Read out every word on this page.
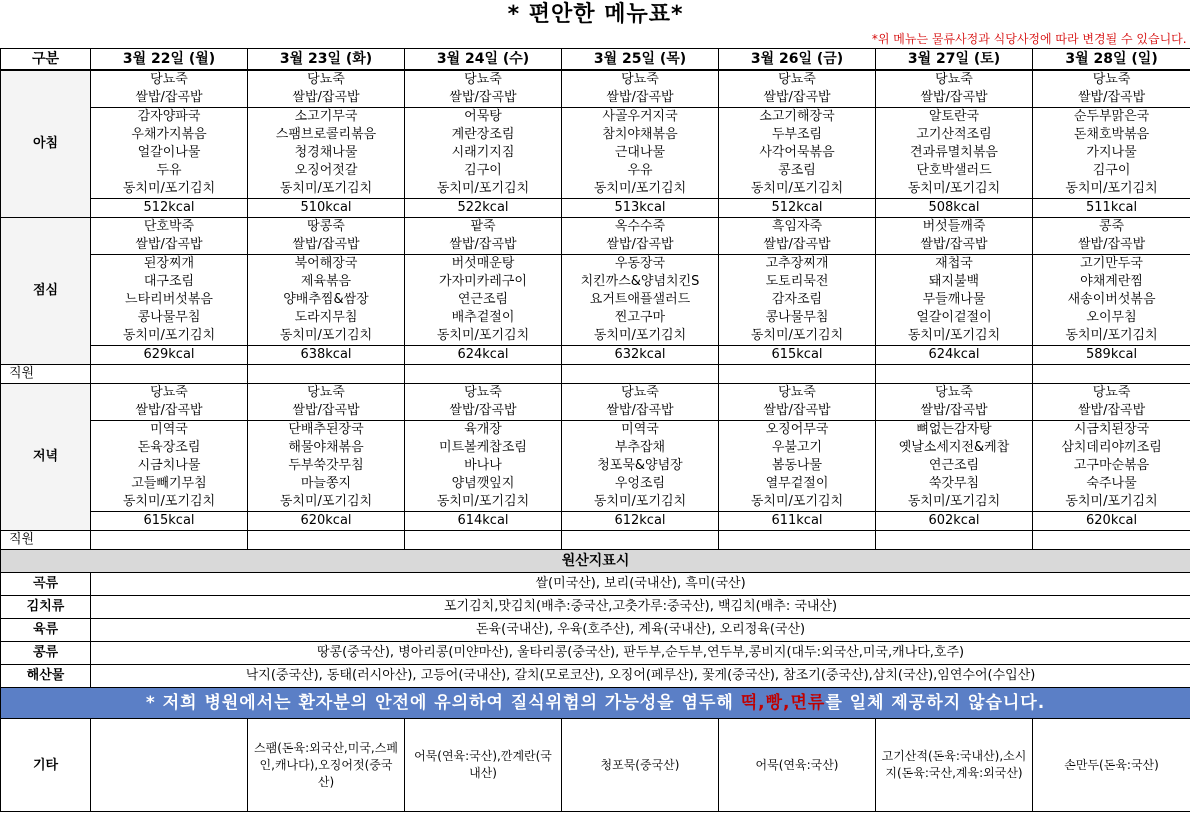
* 편안한 메뉴표*							
*위 메뉴는 물류사정과 식당사정에 따라 변경될 수 있습니다.							
구분	3월 22일 (월)	3월 23일 (화)	3월 24일 (수)	3월 25일 (목)	3월 26일 (금)	3월 27일 (토)	3월 28일 (일)
아침	당뇨죽	당뇨죽	당뇨죽	당뇨죽	당뇨죽	당뇨죽	당뇨죽
	쌀밥/잡곡밥	쌀밥/잡곡밥	쌀밥/잡곡밥	쌀밥/잡곡밥	쌀밥/잡곡밥	쌀밥/잡곡밥	쌀밥/잡곡밥
	감자양파국	소고기무국	어묵탕	사골우거지국	소고기해장국	알토란국	순두부맑은국
	우채가지볶음	스팸브로콜리볶음	계란장조림	참치야채볶음	두부조림	고기산적조림	돈채호박볶음
	얼갈이나물	청경채나물	시래기지짐	근대나물	사각어묵볶음	견과류멸치볶음	가지나물
	두유	오징어젓갈	김구이	우유	콩조림	단호박샐러드	김구이
	동치미/포기김치	동치미/포기김치	동치미/포기김치	동치미/포기김치	동치미/포기김치	동치미/포기김치	동치미/포기김치
	512kcal	510kcal	522kcal	513kcal	512kcal	508kcal	511kcal
점심	단호박죽	땅콩죽	팥죽	옥수수죽	흑임자죽	버섯들깨죽	콩죽
	쌀밥/잡곡밥	쌀밥/잡곡밥	쌀밥/잡곡밥	쌀밥/잡곡밥	쌀밥/잡곡밥	쌀밥/잡곡밥	쌀밥/잡곡밥
	된장찌개	북어해장국	버섯매운탕	우동장국	고추장찌개	재첩국	고기만두국
	대구조림	제육볶음	가자미카레구이	치킨까스&양념치킨S	도토리묵전	돼지불백	야채계란찜
	느타리버섯볶음	양배추찜&쌈장	연근조림	요거트애플샐러드	감자조림	무들깨나물	새송이버섯볶음
	콩나물무침	도라지무침	배추겉절이	찐고구마	콩나물무침	얼갈이겉절이	오이무침
	동치미/포기김치	동치미/포기김치	동치미/포기김치	동치미/포기김치	동치미/포기김치	동치미/포기김치	동치미/포기김치
	629kcal	638kcal	624kcal	632kcal	615kcal	624kcal	589kcal
직원							
저녁	당뇨죽	당뇨죽	당뇨죽	당뇨죽	당뇨죽	당뇨죽	당뇨죽
	쌀밥/잡곡밥	쌀밥/잡곡밥	쌀밥/잡곡밥	쌀밥/잡곡밥	쌀밥/잡곡밥	쌀밥/잡곡밥	쌀밥/잡곡밥
	미역국	단배추된장국	육개장	미역국	오징어무국	뼈없는감자탕	시금치된장국
	돈육장조림	해물야채볶음	미트볼케찹조림	부추잡채	우불고기	옛날소세지전&케찹	삼치데리야끼조림
	시금치나물	두부쑥갓무침	바나나	청포묵&양념장	봄동나물	연근조림	고구마순볶음
	고들빼기무침	마늘쫑지	양념깻잎지	우엉조림	열무겉절이	쑥갓무침	숙주나물
	동치미/포기김치	동치미/포기김치	동치미/포기김치	동치미/포기김치	동치미/포기김치	동치미/포기김치	동치미/포기김치
	615kcal	620kcal	614kcal	612kcal	611kcal	602kcal	620kcal
직원							
원산지표시							
곡류	쌀(미국산), 보리(국내산), 흑미(국산)						
김치류	포기김치,맛김치(배추:중국산,고춧가루:중국산), 백김치(배추: 국내산)						
육류	돈육(국내산), 우육(호주산), 계육(국내산), 오리정육(국산)						
콩류	땅콩(중국산), 병아리콩(미얀마산), 울타리콩(중국산), 판두부,순두부,연두부,콩비지(대두:외국산,미국,캐나다,호주)						
해산물	낙지(중국산), 동태(러시아산), 고등어(국내산), 갈치(모로코산), 오징어(페루산), 꽃게(중국산), 참조기(중국산),삼치(국산),임연수어(수입산)						
* 저희 병원에서는 환자분의 안전에 유의하여 질식위험의 가능성을 염두해 떡,빵,면류를 일체 제공하지 않습니다.							
기타		스팸(돈육:외국산,미국,스페인,캐나다),오징어젓(중국산)	어묵(연육:국산),깐계란(국내산)	청포묵(중국산)	어묵(연육:국산)	고기산적(돈육:국내산),소시지(돈육:국산,계육:외국산)	손만두(돈육:국산)
